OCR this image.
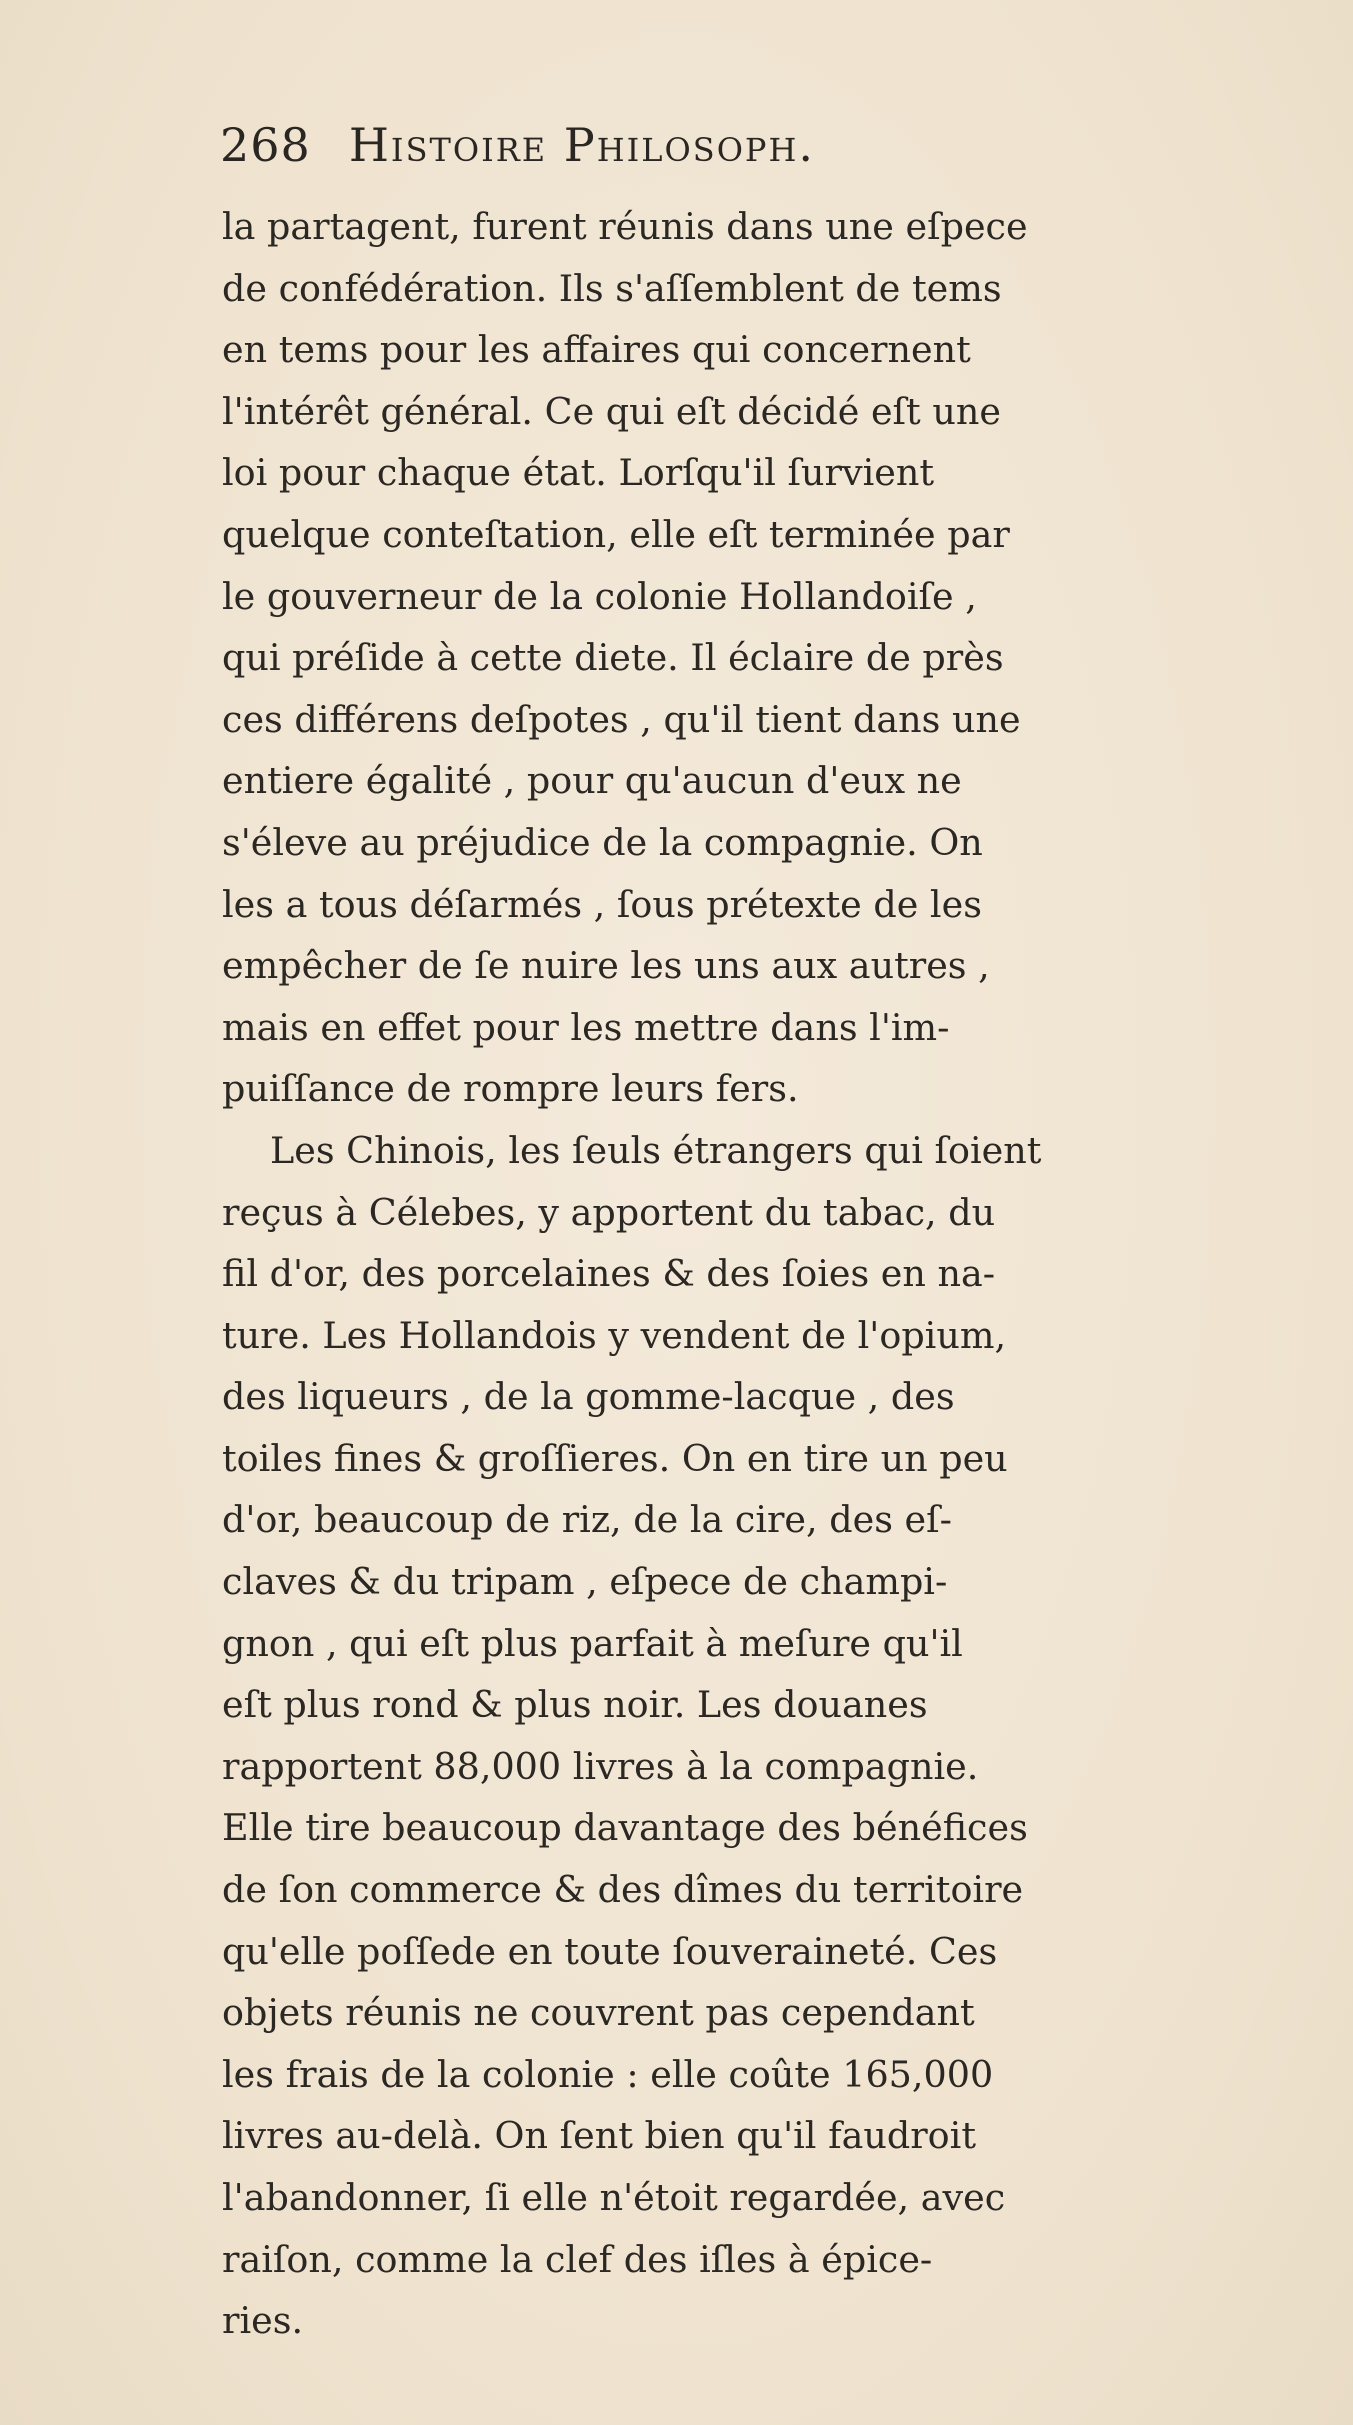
268 Histoire Philosoph.
la partagent, furent réunis dans une eſpece
de confédération. Ils s'aſſemblent de tems
en tems pour les affaires qui concernent
l'intérêt général. Ce qui eſt décidé eſt une
loi pour chaque état. Lorſqu'il ſurvient
quelque conteſtation, elle eſt terminée par
le gouverneur de la colonie Hollandoiſe ,
qui préſide à cette diete. Il éclaire de près
ces différens deſpotes , qu'il tient dans une
entiere égalité , pour qu'aucun d'eux ne
s'éleve au préjudice de la compagnie. On
les a tous déſarmés , ſous prétexte de les
empêcher de ſe nuire les uns aux autres ,
mais en effet pour les mettre dans l'im-
puiſſance de rompre leurs fers.
Les Chinois, les ſeuls étrangers qui ſoient
reçus à Célebes, y apportent du tabac, du
fil d'or, des porcelaines & des ſoies en na-
ture. Les Hollandois y vendent de l'opium,
des liqueurs , de la gomme-lacque , des
toiles fines & groſſieres. On en tire un peu
d'or, beaucoup de riz, de la cire, des eſ-
claves & du tripam , eſpece de champi-
gnon , qui eſt plus parfait à meſure qu'il
eſt plus rond & plus noir. Les douanes
rapportent 88,000 livres à la compagnie.
Elle tire beaucoup davantage des bénéfices
de ſon commerce & des dîmes du territoire
qu'elle poſſede en toute ſouveraineté. Ces
objets réunis ne couvrent pas cependant
les frais de la colonie : elle coûte 165,000
livres au-delà. On ſent bien qu'il faudroit
l'abandonner, ſi elle n'étoit regardée, avec
raiſon, comme la clef des iſles à épice-
ries.
